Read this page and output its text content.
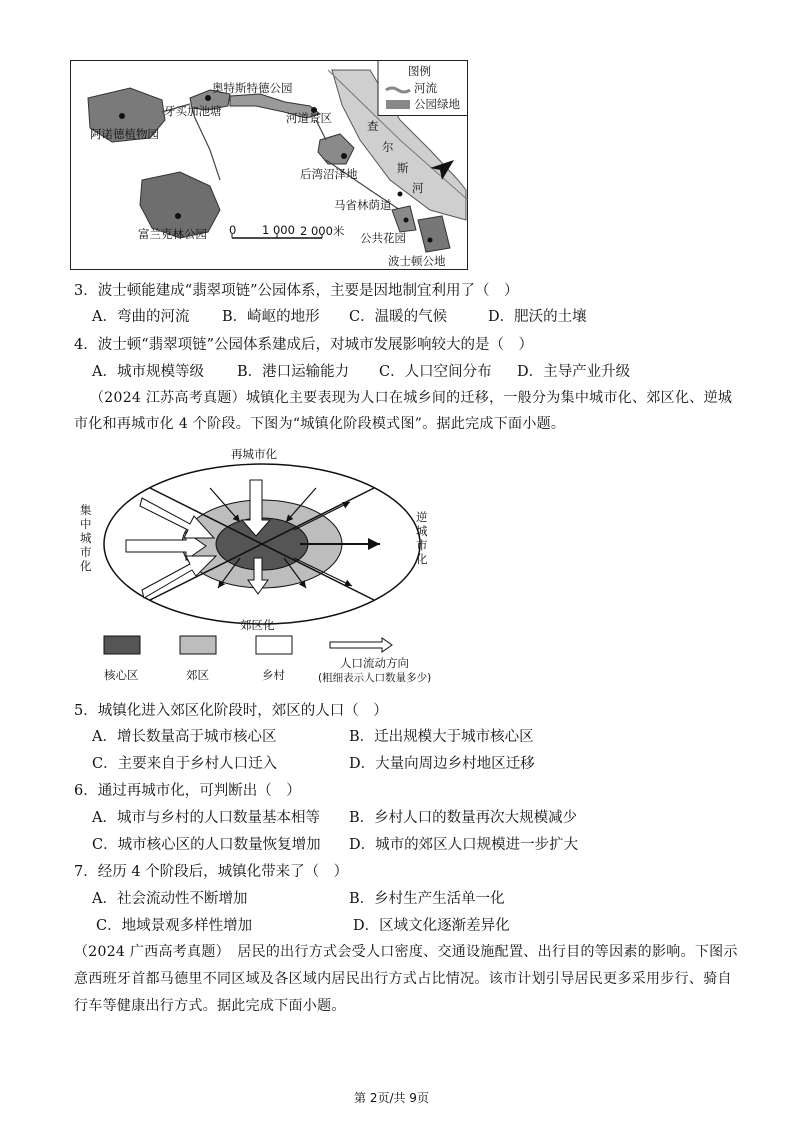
图例
河流
公园绿地
奥特斯特德公园
牙买加池塘
阿诺德植物园
河道景区
后湾沼泽地
马省林荫道
公共花园
波士顿公地
富兰克林公园
查
尔
斯
河
0 1 000 2 000米
3．波士顿能建成“翡翠项链”公园体系，主要是因地制宜利用了（　）
A．弯曲的河流 B．崎岖的地形 C．温暖的气候	D．肥沃的土壤
4．波士顿“翡翠项链”公园体系建成后，对城市发展影响较大的是（　）
A．城市规模等级 B．港口运输能力 C．人口空间分布 D．主导产业升级
（2024 江苏高考真题）城镇化主要表现为人口在城乡间的迁移，一般分为集中城市化、郊区化、逆城
市化和再城市化 4 个阶段。下图为“城镇化阶段模式图”。据此完成下面小题。
再城市化
集
中
城
市
化
逆
城
市
化
郊区化
核心区	郊区	乡村
人口流动方向
(粗细表示人口数量多少)
5．城镇化进入郊区化阶段时，郊区的人口（　）
A．增长数量高于城市核心区	B．迁出规模大于城市核心区
C．主要来自于乡村人口迁入	D．大量向周边乡村地区迁移
6．通过再城市化，可判断出（　）
A．城市与乡村的人口数量基本相等 B．乡村人口的数量再次大规模减少
C．城市核心区的人口数量恢复增加 D．城市的郊区人口规模进一步扩大
7．经历 4 个阶段后，城镇化带来了（　）
A．社会流动性不断增加	B．乡村生产生活单一化
C．地域景观多样性增加	D．区域文化逐渐差异化
（2024 广西高考真题）　居民的出行方式会受人口密度、交通设施配置、出行目的等因素的影响。下图示
意西班牙首都马德里不同区域及各区域内居民出行方式占比情况。该市计划引导居民更多采用步行、骑自
行车等健康出行方式。据此完成下面小题。
第 2页/共 9页
